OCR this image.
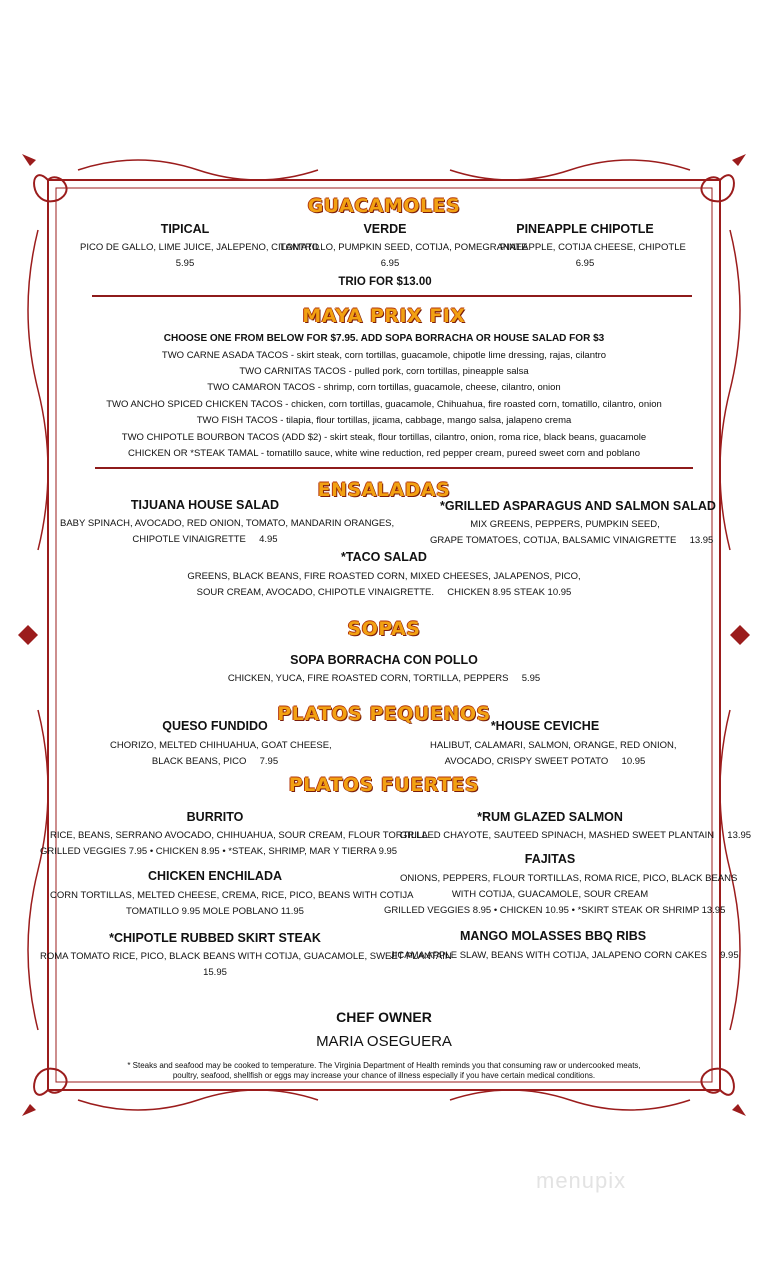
GUACAMOLES
TIPICAL
PICO DE GALLO, LIME JUICE, JALEPENO, CILANTRO
5.95
VERDE
TOMATILLO, PUMPKIN SEED, COTIJA, POMEGRANATE
6.95
PINEAPPLE CHIPOTLE
PINEAPPLE, COTIJA CHEESE, CHIPOTLE
6.95
TRIO FOR $13.00
MAYA PRIX FIX
CHOOSE ONE FROM BELOW FOR $7.95. ADD SOPA BORRACHA OR HOUSE SALAD FOR $3
TWO CARNE ASADA TACOS - skirt steak, corn tortillas, guacamole, chipotle lime dressing, rajas, cilantro
TWO CARNITAS TACOS - pulled pork, corn tortillas, pineapple salsa
TWO CAMARON TACOS - shrimp, corn tortillas, guacamole, cheese, cilantro, onion
TWO ANCHO SPICED CHICKEN TACOS - chicken, corn tortillas, guacamole, Chihuahua, fire roasted corn, tomatillo, cilantro, onion
TWO FISH TACOS - tilapia, flour tortillas, jicama, cabbage, mango salsa, jalapeno crema
TWO CHIPOTLE BOURBON TACOS (ADD $2) - skirt steak, flour tortillas, cilantro, onion, roma rice, black beans, guacamole
CHICKEN OR *STEAK TAMAL - tomatillo sauce, white wine reduction, red pepper cream, pureed sweet corn and poblano
ENSALADAS
TIJUANA HOUSE SALAD
BABY SPINACH, AVOCADO, RED ONION, TOMATO, MANDARIN ORANGES,
CHIPOTLE VINAIGRETTE 4.95
*GRILLED ASPARAGUS AND SALMON SALAD
MIX GREENS, PEPPERS, PUMPKIN SEED,
GRAPE TOMATOES, COTIJA, BALSAMIC VINAIGRETTE 13.95
*TACO SALAD
GREENS, BLACK BEANS, FIRE ROASTED CORN, MIXED CHEESES, JALAPENOS, PICO,
SOUR CREAM, AVOCADO, CHIPOTLE VINAIGRETTE. CHICKEN 8.95 STEAK 10.95
SOPAS
SOPA BORRACHA CON POLLO
CHICKEN, YUCA, FIRE ROASTED CORN, TORTILLA, PEPPERS 5.95
PLATOS PEQUENOS
QUESO FUNDIDO
CHORIZO, MELTED CHIHUAHUA, GOAT CHEESE,
BLACK BEANS, PICO 7.95
*HOUSE CEVICHE
HALIBUT, CALAMARI, SALMON, ORANGE, RED ONION,
AVOCADO, CRISPY SWEET POTATO 10.95
PLATOS FUERTES
BURRITO
RICE, BEANS, SERRANO AVOCADO, CHIHUAHUA, SOUR CREAM, FLOUR TORTILLA
GRILLED VEGGIES 7.95 • CHICKEN 8.95 • *STEAK, SHRIMP, MAR Y TIERRA 9.95
CHICKEN ENCHILADA
CORN TORTILLAS, MELTED CHEESE, CREMA, RICE, PICO, BEANS WITH COTIJA
TOMATILLO 9.95 MOLE POBLANO 11.95
*CHIPOTLE RUBBED SKIRT STEAK
ROMA TOMATO RICE, PICO, BLACK BEANS WITH COTIJA, GUACAMOLE, SWEET PLANTAIN
15.95
*RUM GLAZED SALMON
GRILLED CHAYOTE, SAUTEED SPINACH, MASHED SWEET PLANTAIN 13.95
FAJITAS
ONIONS, PEPPERS, FLOUR TORTILLAS, ROMA RICE, PICO, BLACK BEANS
WITH COTIJA, GUACAMOLE, SOUR CREAM
GRILLED VEGGIES 8.95 • CHICKEN 10.95 • *SKIRT STEAK OR SHRIMP 13.95
MANGO MOLASSES BBQ RIBS
JICAMA APPLE SLAW, BEANS WITH COTIJA, JALAPENO CORN CAKES 9.95
CHEF OWNER
MARIA OSEGUERA
* Steaks and seafood may be cooked to temperature. The Virginia Department of Health reminds you that consuming raw or undercooked meats,
poultry, seafood, shellfish or eggs may increase your chance of illness especially if you have certain medical conditions.
menupix
